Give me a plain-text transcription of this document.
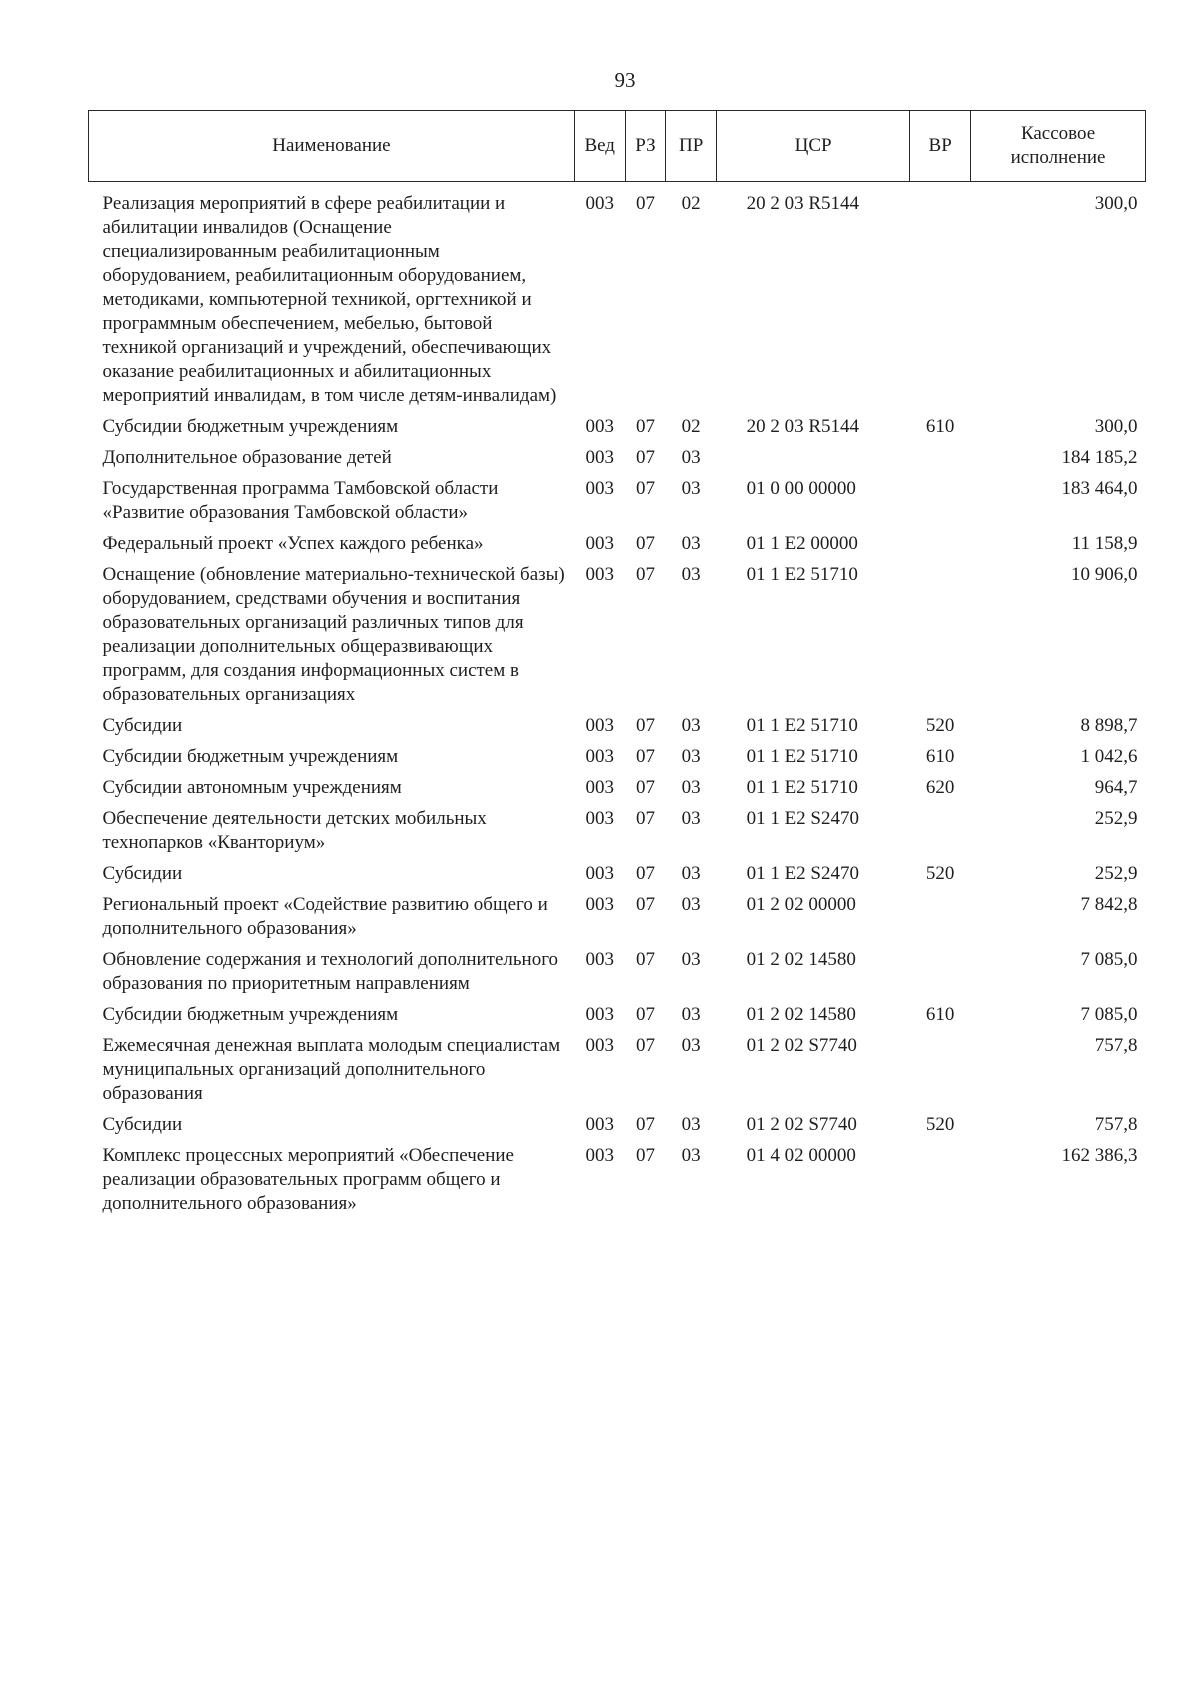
93
Наименование	Вед	РЗ	ПР	ЦСР	ВР	Кассовое
исполнение
Реализация мероприятий в сфере реабилитации и абилитации инвалидов (Оснащение специализированным реабилитационным оборудованием, реабилитационным оборудованием, методиками, компьютерной техникой, оргтехникой и программным обеспечением, мебелью, бытовой техникой организаций и учреждений, обеспечивающих оказание реабилитационных и абилитационных мероприятий инвалидам, в том числе детям-инвалидам)	003	07	02	20 2 03 R5144		300,0
Субсидии бюджетным учреждениям	003	07	02	20 2 03 R5144	610	300,0
Дополнительное образование детей	003	07	03			184 185,2
Государственная программа Тамбовской области «Развитие образования Тамбовской области»	003	07	03	01 0 00 00000		183 464,0
Федеральный проект «Успех каждого ребенка»	003	07	03	01 1 E2 00000		11 158,9
Оснащение (обновление материально-технической базы) оборудованием, средствами обучения и воспитания образовательных организаций различных типов для реализации дополнительных общеразвивающих программ, для создания информационных систем в образовательных организациях	003	07	03	01 1 E2 51710		10 906,0
Субсидии	003	07	03	01 1 E2 51710	520	8 898,7
Субсидии бюджетным учреждениям	003	07	03	01 1 E2 51710	610	1 042,6
Субсидии автономным учреждениям	003	07	03	01 1 E2 51710	620	964,7
Обеспечение деятельности детских мобильных технопарков «Кванториум»	003	07	03	01 1 E2 S2470		252,9
Субсидии	003	07	03	01 1 E2 S2470	520	252,9
Региональный проект «Содействие развитию общего и дополнительного образования»	003	07	03	01 2 02 00000		7 842,8
Обновление содержания и технологий дополнительного образования по приоритетным направлениям	003	07	03	01 2 02 14580		7 085,0
Субсидии бюджетным учреждениям	003	07	03	01 2 02 14580	610	7 085,0
Ежемесячная денежная выплата молодым специалистам муниципальных организаций дополнительного образования	003	07	03	01 2 02 S7740		757,8
Субсидии	003	07	03	01 2 02 S7740	520	757,8
Комплекс процессных мероприятий «Обеспечение реализации образовательных программ общего и дополнительного образования»	003	07	03	01 4 02 00000		162 386,3
